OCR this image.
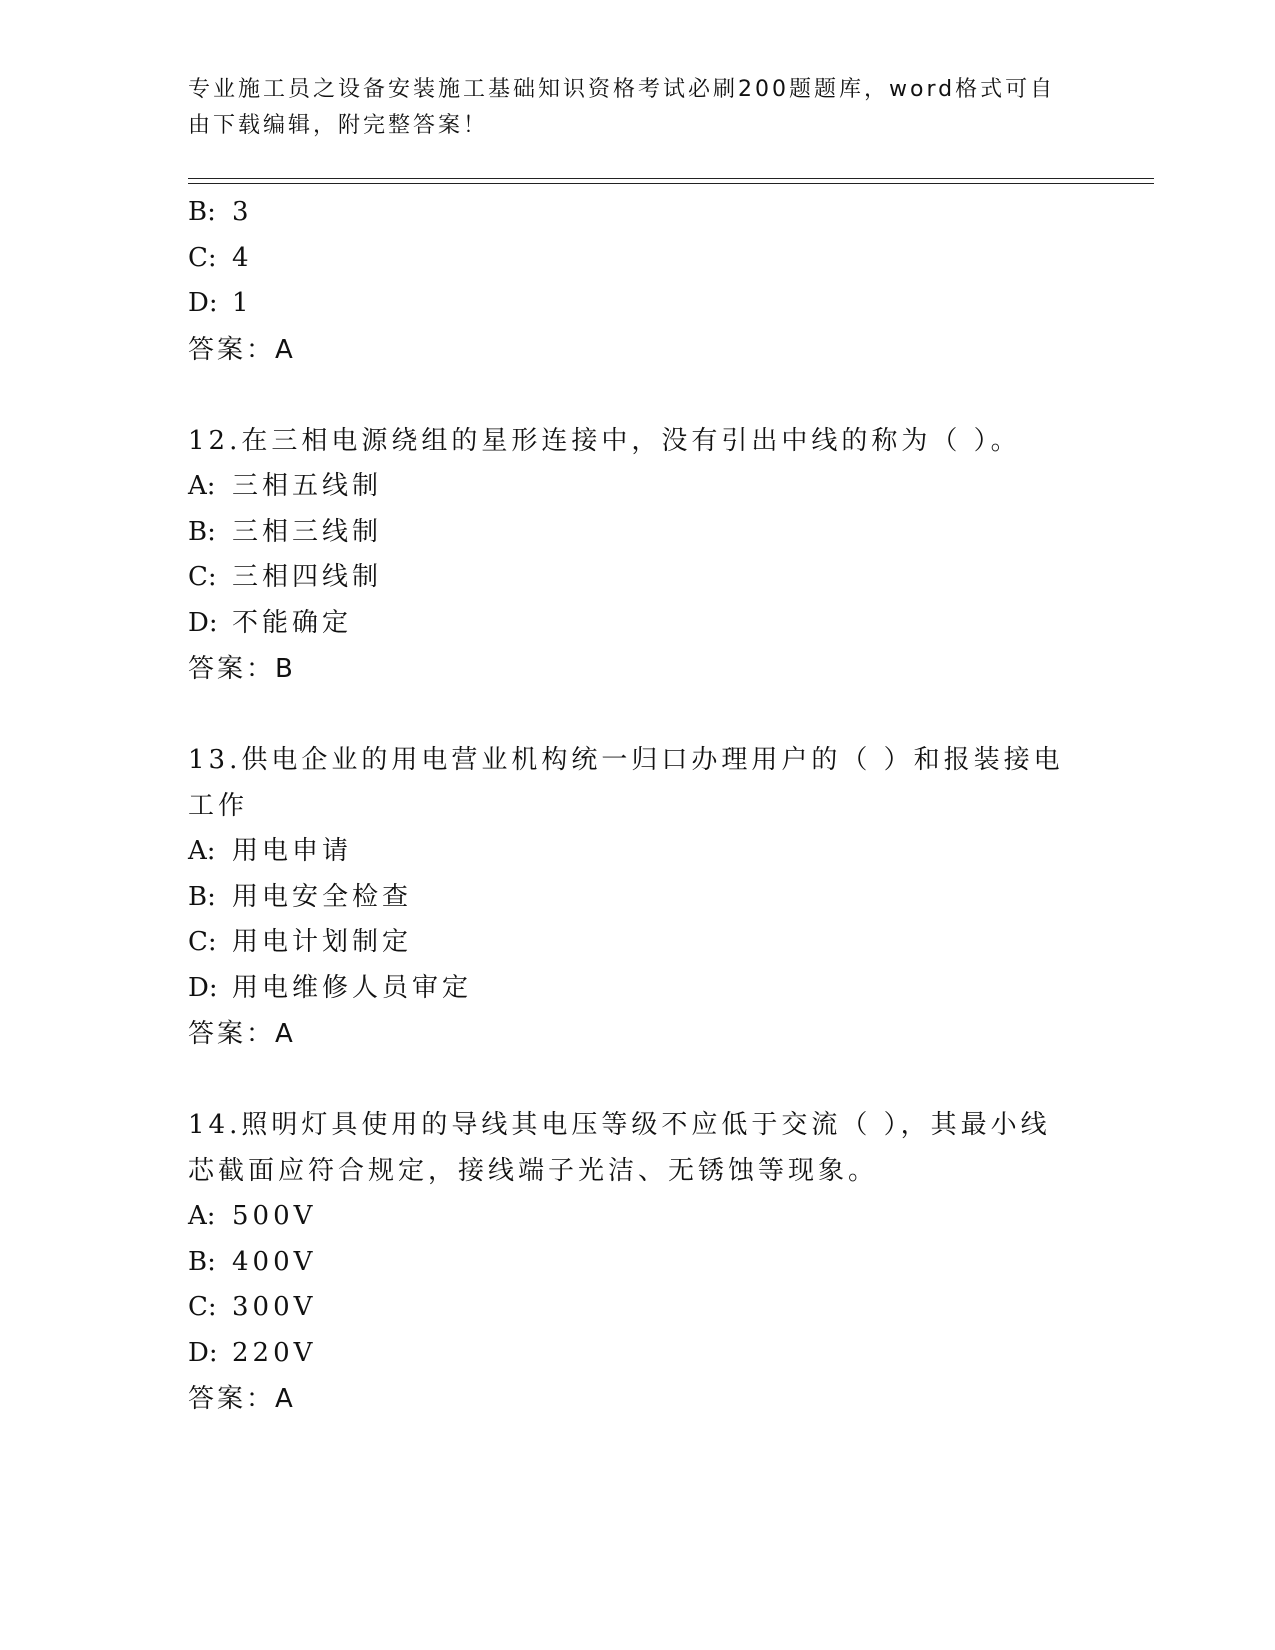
专业施工员之设备安装施工基础知识资格考试必刷200题题库，word格式可自由下载编辑，附完整答案！
B: 3
C: 4
D: 1
答案：A
12.在三相电源绕组的星形连接中，没有引出中线的称为（ ）。
A: 三相五线制
B: 三相三线制
C: 三相四线制
D: 不能确定
答案：B
13.供电企业的用电营业机构统一归口办理用户的（ ）和报装接电工作
A: 用电申请
B: 用电安全检查
C: 用电计划制定
D: 用电维修人员审定
答案：A
14.照明灯具使用的导线其电压等级不应低于交流（ ），其最小线芯截面应符合规定，接线端子光洁、无锈蚀等现象。
A: 500V
B: 400V
C: 300V
D: 220V
答案：A
